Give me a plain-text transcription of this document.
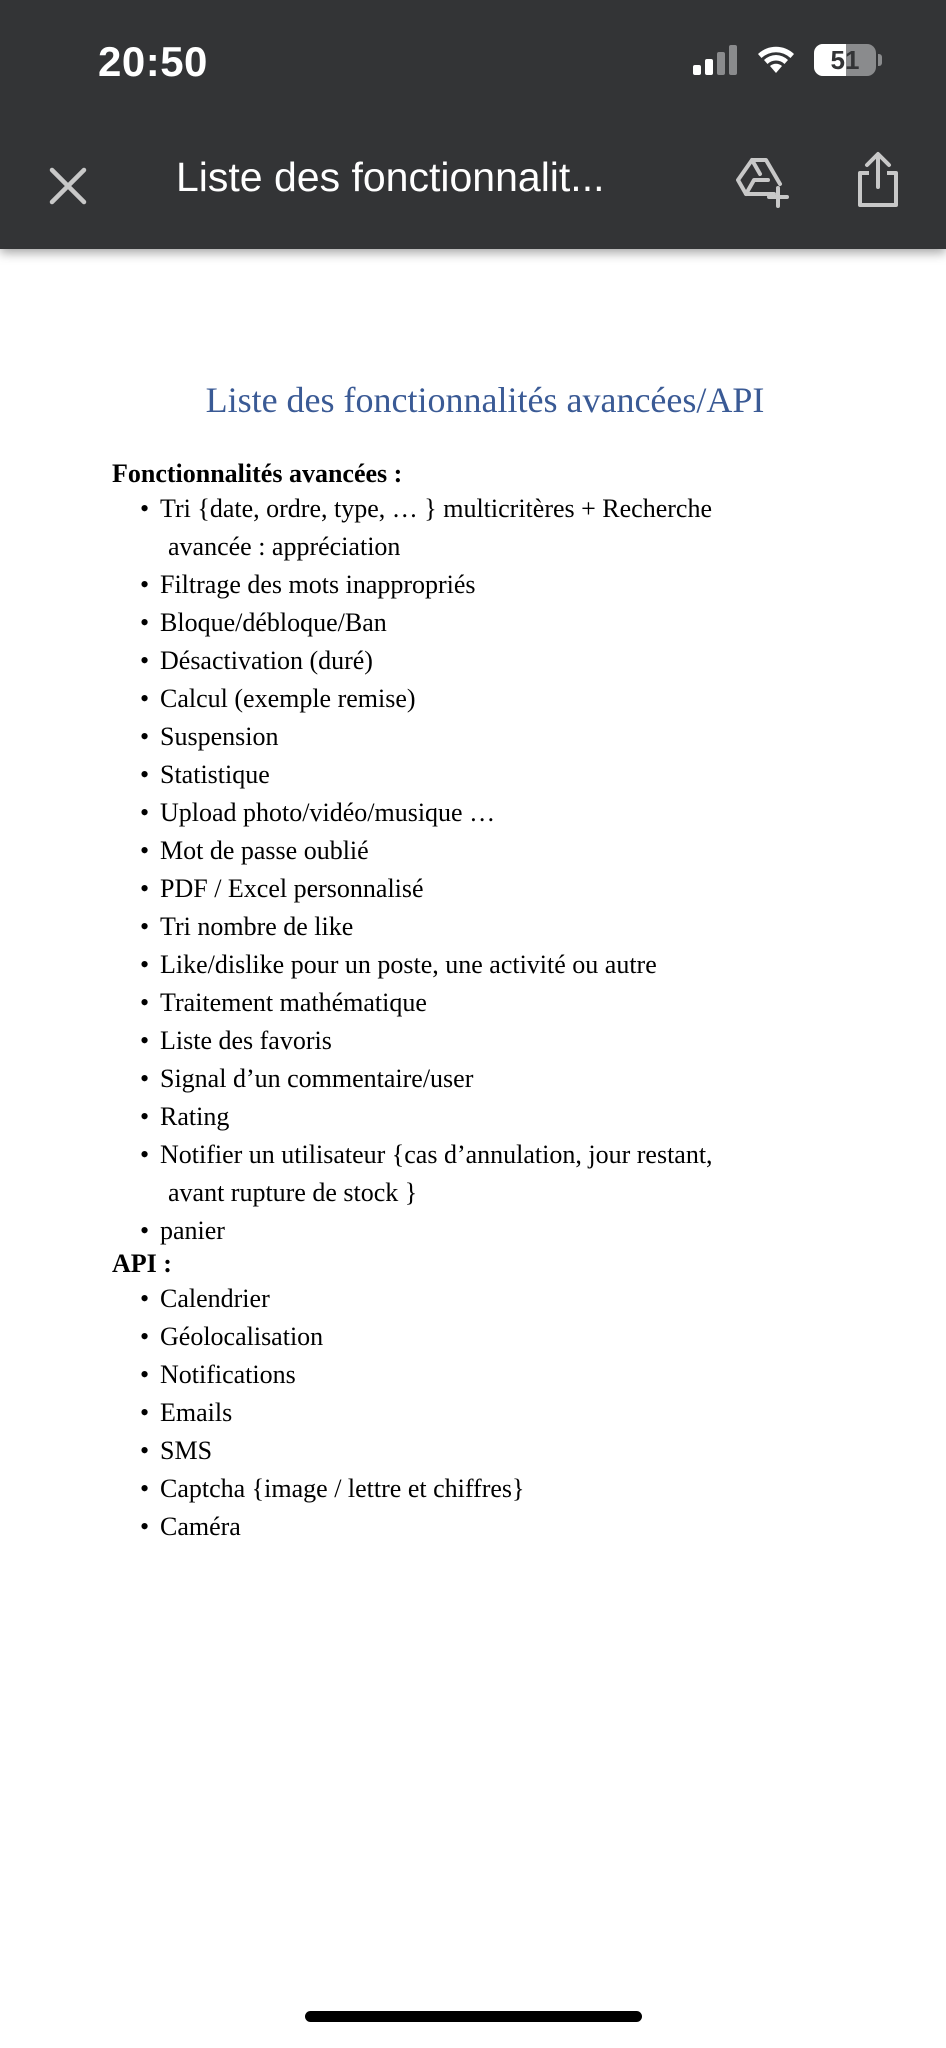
20:50	51
Liste des fonctionnalit...
Liste des fonctionnalités avancées/API
Fonctionnalités avancées :
• Tri {date, ordre, type, … } multicritères + Recherche
avancée : appréciation
• Filtrage des mots inappropriés
• Bloque/débloque/Ban
• Désactivation (duré)
• Calcul (exemple remise)
• Suspension
• Statistique
• Upload photo/vidéo/musique …
• Mot de passe oublié
• PDF / Excel personnalisé
• Tri nombre de like
• Like/dislike pour un poste, une activité ou autre
• Traitement mathématique
• Liste des favoris
• Signal d’un commentaire/user
• Rating
• Notifier un utilisateur {cas d’annulation, jour restant,
avant rupture de stock }
• panier
API :
• Calendrier
• Géolocalisation
• Notifications
• Emails
• SMS
• Captcha {image / lettre et chiffres}
• Caméra
